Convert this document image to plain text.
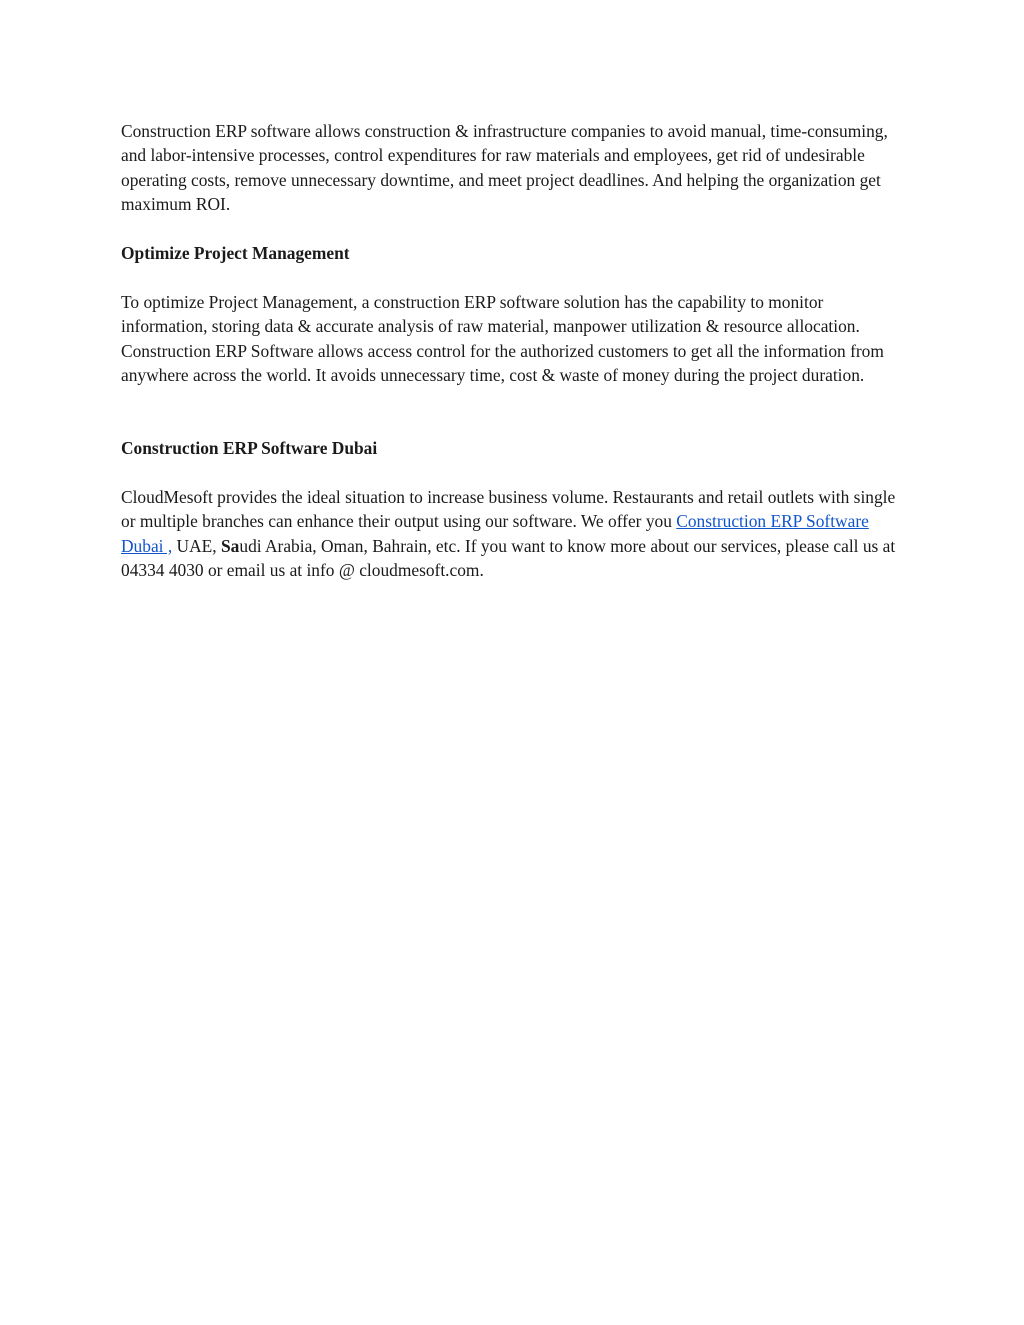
Construction ERP software allows construction & infrastructure companies to avoid manual, time-consuming, and labor-intensive processes, control expenditures for raw materials and employees, get rid of undesirable operating costs, remove unnecessary downtime, and meet project deadlines. And helping the organization get maximum ROI.

Optimize Project Management

To optimize Project Management, a construction ERP software solution has the capability to monitor information, storing data & accurate analysis of raw material, manpower utilization & resource allocation. Construction ERP Software allows access control for the authorized customers to get all the information from anywhere across the world. It avoids unnecessary time, cost & waste of money during the project duration.

Construction ERP Software Dubai

CloudMesoft provides the ideal situation to increase business volume. Restaurants and retail outlets with single or multiple branches can enhance their output using our software. We offer you Construction ERP Software Dubai , UAE, Saudi Arabia, Oman, Bahrain, etc. If you want to know more about our services, please call us at 04334 4030 or email us at info @ cloudmesoft.com.
